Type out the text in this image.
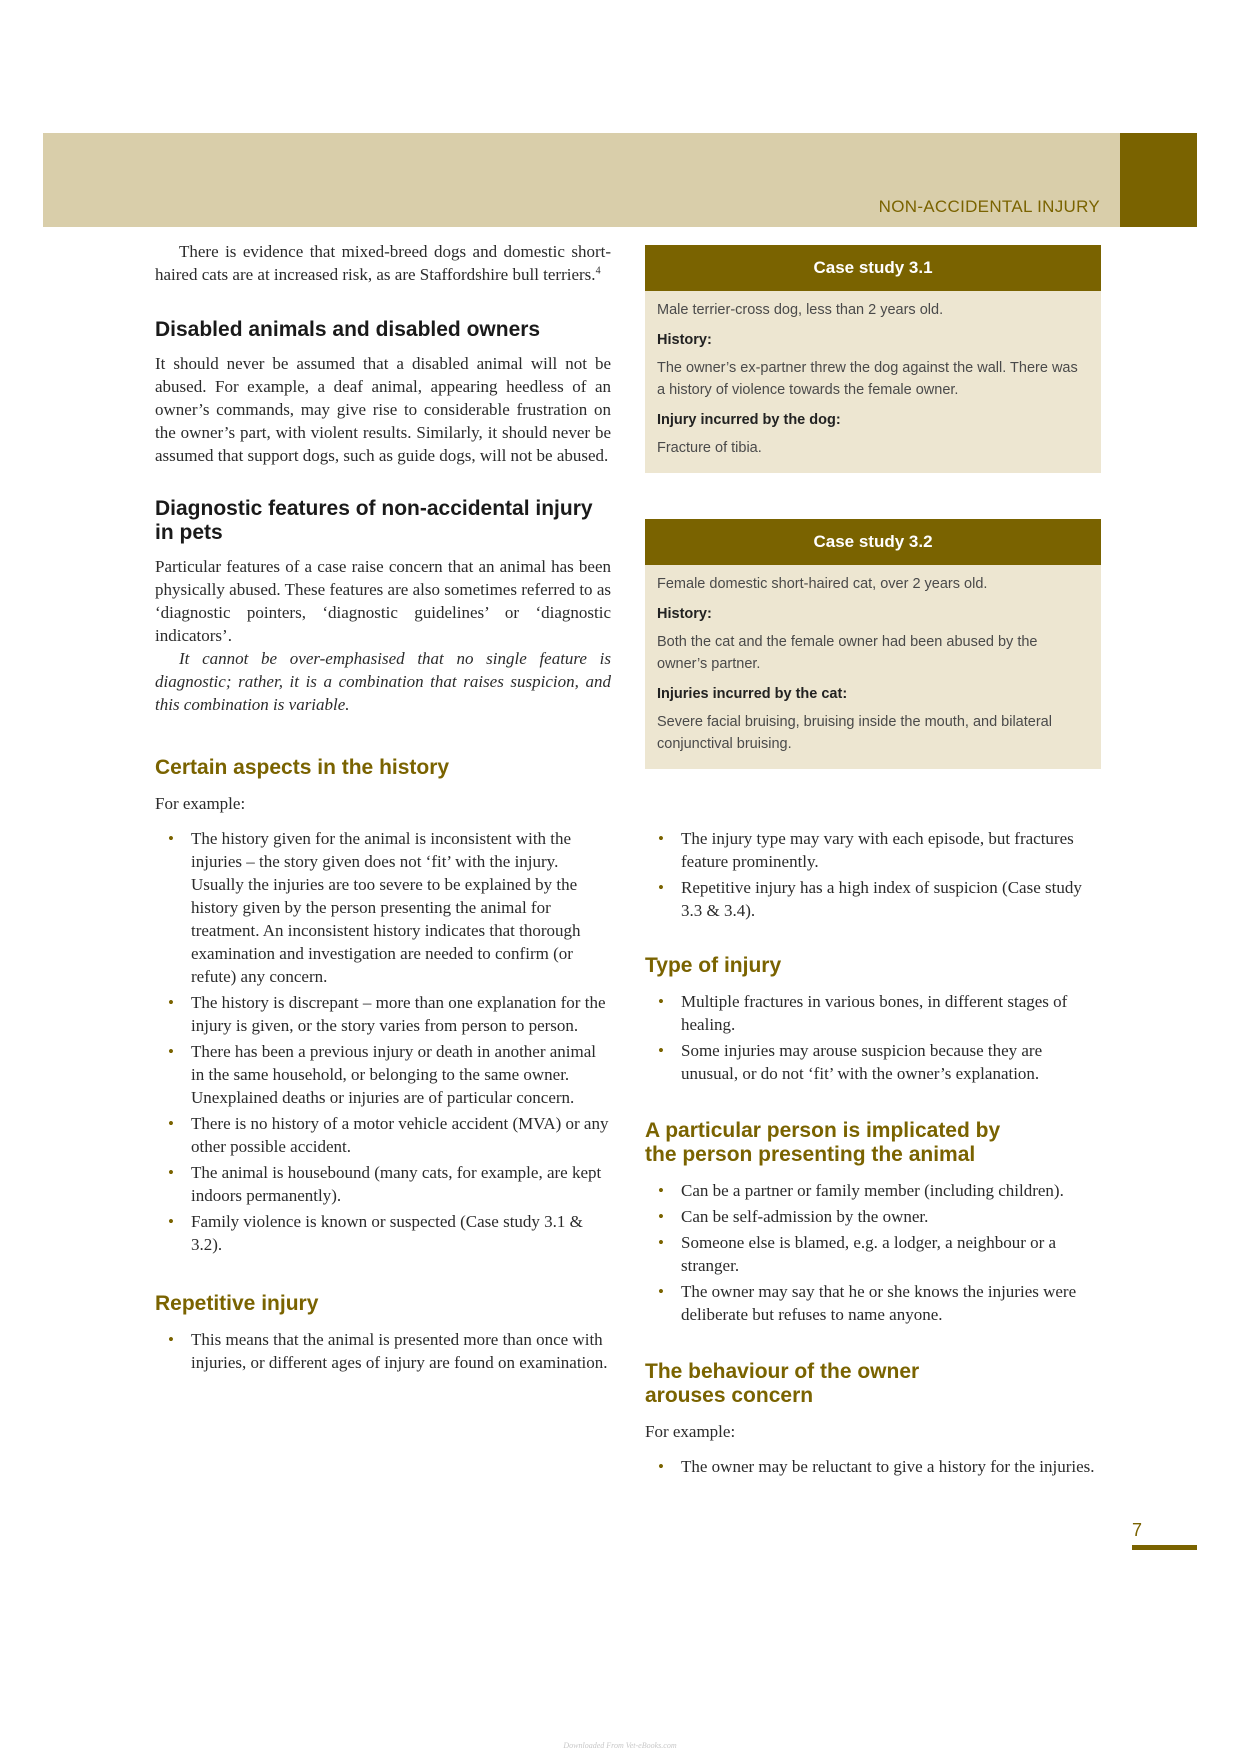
NON-ACCIDENTAL INJURY

There is evidence that mixed-breed dogs and domestic short-haired cats are at increased risk, as are Staffordshire bull terriers.$^4$

Disabled animals and disabled owners

It should never be assumed that a disabled animal will not be abused. For example, a deaf animal, appearing heedless of an owner’s commands, may give rise to considerable frustration on the owner’s part, with violent results. Similarly, it should never be assumed that support dogs, such as guide dogs, will not be abused.

Diagnostic features of non-accidental injury in pets

Particular features of a case raise concern that an animal has been physically abused. These features are also sometimes referred to as ‘diagnostic pointers, ‘diagnostic guidelines’ or ‘diagnostic indicators’.

It cannot be over-emphasised that no single feature is diagnostic; rather, it is a combination that raises suspicion, and this combination is variable.

Certain aspects in the history

For example:

• The history given for the animal is inconsistent with the injuries – the story given does not ‘fit’ with the injury. Usually the injuries are too severe to be explained by the history given by the person presenting the animal for treatment. An inconsistent history indicates that thorough examination and investigation are needed to confirm (or refute) any concern.
• The history is discrepant – more than one explanation for the injury is given, or the story varies from person to person.
• There has been a previous injury or death in another animal in the same household, or belonging to the same owner. Unexplained deaths or injuries are of particular concern.
• There is no history of a motor vehicle accident (MVA) or any other possible accident.
• The animal is housebound (many cats, for example, are kept indoors permanently).
• Family violence is known or suspected (Case study 3.1 & 3.2).
Repetitive injury
• This means that the animal is presented more than once with injuries, or different ages of injury are found on examination.
Case study 3.1
Male terrier-cross dog, less than 2 years old.
History:
The owner’s ex-partner threw the dog against the wall. There was a history of violence towards the female owner.
Injury incurred by the dog:
Fracture of tibia.
Case study 3.2
Female domestic short-haired cat, over 2 years old.
History:
Both the cat and the female owner had been abused by the owner’s partner.
Injuries incurred by the cat:
Severe facial bruising, bruising inside the mouth, and bilateral conjunctival bruising.
• The injury type may vary with each episode, but fractures feature prominently.
• Repetitive injury has a high index of suspicion (Case study 3.3 & 3.4).
Type of injury
• Multiple fractures in various bones, in different stages of healing.
• Some injuries may arouse suspicion because they are unusual, or do not ‘fit’ with the owner’s explanation.
A particular person is implicated by the person presenting the animal
• Can be a partner or family member (including children).
• Can be self-admission by the owner.
• Someone else is blamed, e.g. a lodger, a neighbour or a stranger.
• The owner may say that he or she knows the injuries were deliberate but refuses to name anyone.
The behaviour of the owner arouses concern

For example:

• The owner may be reluctant to give a history for the injuries.
7
Downloaded From Vet-eBooks.com
